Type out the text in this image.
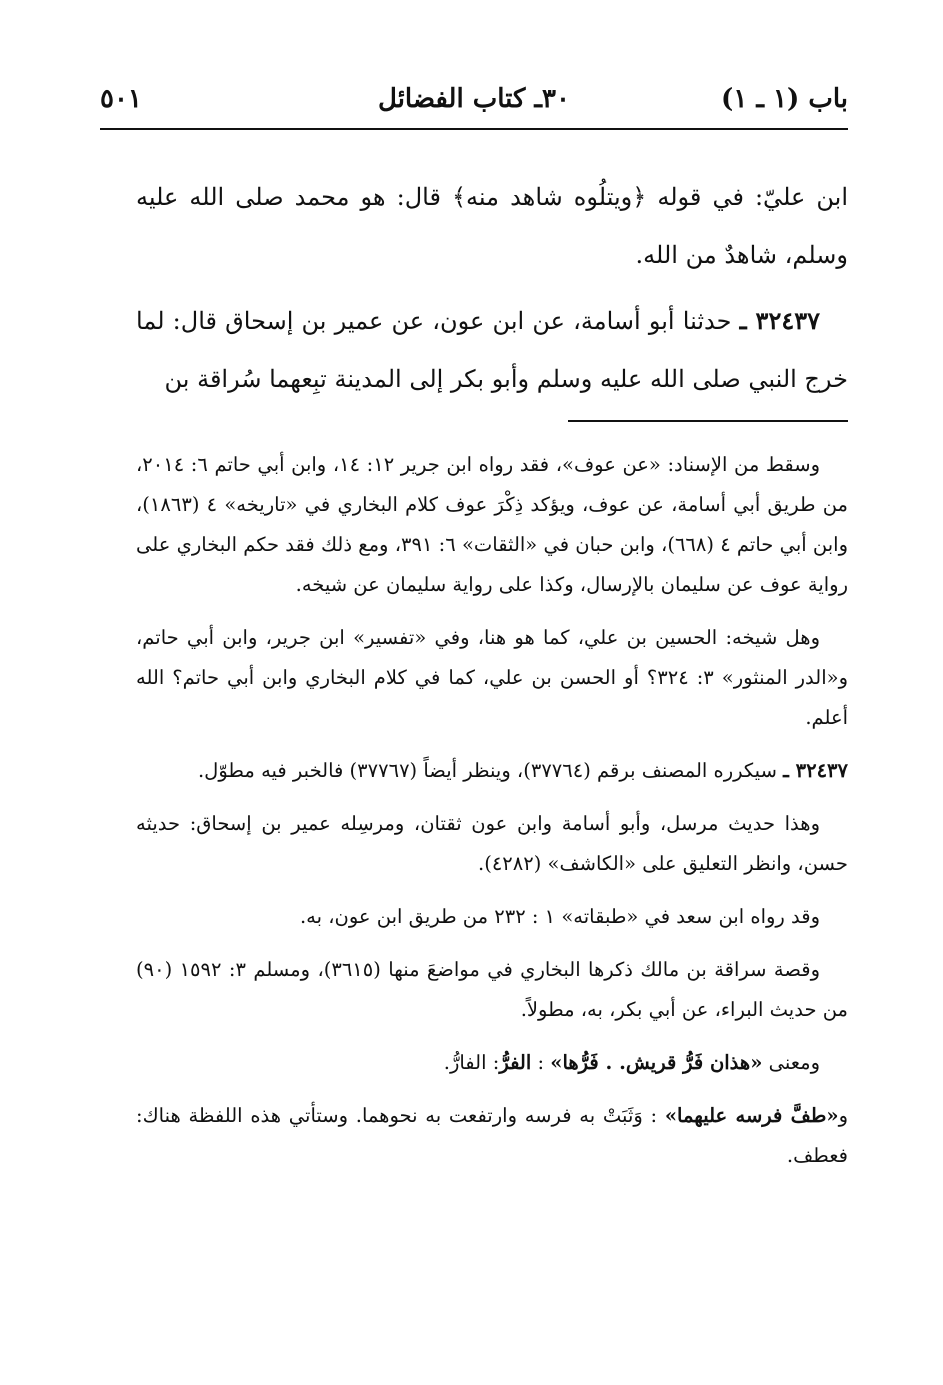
باب (١ ـ ١)
٣٠ـ كتاب الفضائل
٥٠١

ابن عليّ: في قوله ﴿ويتلُوه شاهد منه﴾ قال: هو محمد صلى الله عليه وسلم، شاهدٌ من الله.

٣٢٤٣٧ ـ حدثنا أبو أسامة، عن ابن عون، عن عمير بن إسحاق قال: لما خرج النبي صلى الله عليه وسلم وأبو بكر إلى المدينة تبِعهما سُراقة بن

وسقط من الإسناد: «عن عوف»، فقد رواه ابن جرير ١٢: ١٤، وابن أبي حاتم ٦: ٢٠١٤، من طريق أبي أسامة، عن عوف، ويؤكد ذِكْرَ عوف كلام البخاري في «تاريخه» ٤ (١٨٦٣)، وابن أبي حاتم ٤ (٦٦٨)، وابن حبان في «الثقات» ٦: ٣٩١، ومع ذلك فقد حكم البخاري على رواية عوف عن سليمان بالإرسال، وكذا على رواية سليمان عن شيخه.

وهل شيخه: الحسين بن علي، كما هو هنا، وفي «تفسير» ابن جرير، وابن أبي حاتم، و«الدر المنثور» ٣: ٣٢٤؟ أو الحسن بن علي، كما في كلام البخاري وابن أبي حاتم؟ الله أعلم.

٣٢٤٣٧ ـ سيكرره المصنف برقم (٣٧٧٦٤)، وينظر أيضاً (٣٧٧٦٧) فالخبر فيه مطوّل.

وهذا حديث مرسل، وأبو أسامة وابن عون ثقتان، ومرسِله عمير بن إسحاق: حديثه حسن، وانظر التعليق على «الكاشف» (٤٢٨٢).

وقد رواه ابن سعد في «طبقاته» ١ : ٢٣٢ من طريق ابن عون، به.

وقصة سراقة بن مالك ذكرها البخاري في مواضعَ منها (٣٦١٥)، ومسلم ٣: ١٥٩٢ (٩٠) من حديث البراء، عن أبي بكر، به، مطولاً.

ومعنى «هذان فَرُّ قريش. . فَرُّها» : الفرُّ: الفارُّ.

و«طفَّ فرسه عليهما» : وَثَبَتْ به فرسه وارتفعت به نحوهما. وستأتي هذه اللفظة هناك: فعطف.
